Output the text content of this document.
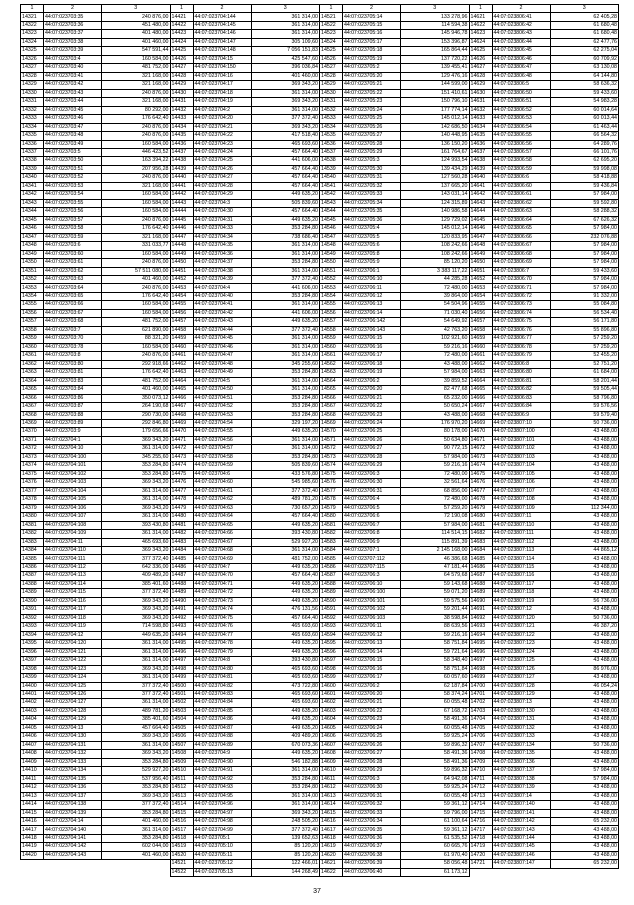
1	2	3
14321	44:07:023703:35	240 876,00
14322	44:07:023703:36	451 480,00
14323	44:07:023703:37	401 480,00
14324	44:07:023703:38	401 460,00
14325	44:07:023703:39	547 591,44
14326	44:07:023703:4	160 584,00
14327	44:07:023703:40	481 752,00
14328	44:07:023703:41	321 168,00
14329	44:07:023703:42	321 168,00
14330	44:07:023703:43	240 876,00
14331	44:07:023703:44	321 168,00
14332	44:07:023703:45	80 292,00
14333	44:07:023703:46	176 642,40
14334	44:07:023703:47	240 876,00
14335	44:07:023703:48	240 876,00
14336	44:07:023703:49	160 584,00
14337	44:07:023703:5	446 423,52
14338	44:07:023703:50	163 394,22
14339	44:07:023703:51	207 956,28
14340	44:07:023703:52	240 876,00
14341	44:07:023703:53	321 168,00
14342	44:07:023703:54	160 584,00
14343	44:07:023703:55	160 584,00
14344	44:07:023703:56	160 584,00
14345	44:07:023703:57	240 876,00
14346	44:07:023703:58	176 642,40
14347	44:07:023703:59	321 168,00
14348	44:07:023703:6	331 033,77
14349	44:07:023703:60	160 584,00
14350	44:07:023703:61	240 876,00
14351	44:07:023703:62	57 511 080,00
14352	44:07:023703:63	401 460,00
14353	44:07:023703:64	240 876,00
14354	44:07:023703:65	176 642,40
14355	44:07:023703:66	160 584,00
14356	44:07:023703:67	160 584,00
14357	44:07:023703:68	481 752,00
14358	44:07:023703:7	621 890,00
14359	44:07:023703:70	88 321,20
14360	44:07:023703:78	160 584,00
14361	44:07:023703:8	240 876,00
14362	44:07:023703:80	292 918,66
14363	44:07:023703:81	176 642,40
14364	44:07:023703:83	481 752,00
14365	44:07:023703:84	401 460,00
14366	44:07:023703:86	350 073,12
14367	44:07:023703:87	264 190,68
14368	44:07:023703:88	290 730,00
14369	44:07:023703:89	292 846,80
14370	44:07:023703:9	179 656,66
14371	44:07:023704:1	369 343,20
14372	44:07:023704:10	361 314,00
14373	44:07:023704:100	345 255,60
14374	44:07:023704:101	353 284,80
14375	44:07:023704:102	353 284,80
14376	44:07:023704:103	369 343,20
14377	44:07:023704:104	361 314,00
14378	44:07:023704:105	361 314,00
14379	44:07:023704:106	369 343,20
14380	44:07:023704:107	361 314,00
14381	44:07:023704:108	393 430,80
14382	44:07:023704:109	361 314,00
14383	44:07:023704:11	465 693,60
14384	44:07:023704:110	369 343,20
14385	44:07:023704:111	377 372,40
14386	44:07:023704:112	642 336,00
14387	44:07:023704:113	409 489,20
14388	44:07:023704:114	385 401,60
14389	44:07:023704:115	377 372,40
14390	44:07:023704:116	369 343,20
14391	44:07:023704:117	369 343,20
14392	44:07:023704:118	369 343,20
14393	44:07:023704:119	714 598,80
14394	44:07:023704:12	449 635,20
14395	44:07:023704:120	361 314,00
14396	44:07:023704:121	361 314,00
14397	44:07:023704:122	361 314,00
14398	44:07:023704:123	369 343,20
14399	44:07:023704:124	361 314,00
14400	44:07:023704:125	377 372,40
14401	44:07:023704:126	377 372,40
14402	44:07:023704:127	361 314,00
14403	44:07:023704:128	489 781,20
14404	44:07:023704:129	385 401,60
14405	44:07:023704:13	457 664,40
14406	44:07:023704:130	369 343,20
14407	44:07:023704:131	361 314,00
14408	44:07:023704:132	369 343,20
14409	44:07:023704:133	353 284,80
14410	44:07:023704:134	529 927,20
14411	44:07:023704:135	537 956,40
14412	44:07:023704:136	353 284,80
14413	44:07:023704:137	369 343,20
14414	44:07:023704:138	377 372,40
14415	44:07:023704:139	353 284,80
14416	44:07:023704:14	401 460,00
14417	44:07:023704:140	361 314,00
14418	44:07:023704:141	353 284,80
14419	44:07:023704:142	602 044,00
14420	44:07:023704:143	401 460,00
1	2	3
14421	44:07:023704:144	361 314,00
14422	44:07:023704:145	361 314,00
14423	44:07:023704:146	361 314,00
14424	44:07:023704:147	305 109,60
14425	44:07:023704:148	7 056 151,83
14426	44:07:023704:15	425 547,60
14427	44:07:023704:150	396 036,84
14428	44:07:023704:16	401 460,00
14429	44:07:023704:17	369 343,20
14430	44:07:023704:18	361 314,00
14431	44:07:023704:19	369 343,20
14432	44:07:023704:2	361 314,00
14433	44:07:023704:20	377 372,40
14434	44:07:023704:21	369 343,20
14435	44:07:023704:22	417 518,40
14436	44:07:023704:23	465 693,60
14437	44:07:023704:24	457 664,40
14438	44:07:023704:25	441 606,00
14439	44:07:023704:26	457 664,40
14440	44:07:023704:27	457 664,40
14441	44:07:023704:28	457 664,40
14442	44:07:023704:29	449 635,20
14443	44:07:023704:3	505 839,60
14444	44:07:023704:30	457 664,40
14445	44:07:023704:31	449 635,20
14446	44:07:023704:33	353 284,80
14447	44:07:023704:34	738 686,40
14448	44:07:023704:35	361 314,00
14449	44:07:023704:36	361 314,00
14450	44:07:023704:37	353 284,80
14451	44:07:023704:38	361 314,00
14452	44:07:023704:39	377 372,40
14453	44:07:023704:4	441 606,00
14454	44:07:023704:40	353 284,80
14455	44:07:023704:41	361 314,00
14456	44:07:023704:42	441 606,00
14457	44:07:023704:43	449 635,20
14458	44:07:023704:44	377 372,40
14459	44:07:023704:45	361 314,00
14460	44:07:023704:46	361 314,00
14461	44:07:023704:47	361 314,00
14462	44:07:023704:48	345 255,60
14463	44:07:023704:49	353 284,80
14464	44:07:023704:5	361 314,00
14465	44:07:023704:50	361 314,00
14466	44:07:023704:51	353 284,80
14467	44:07:023704:52	353 284,80
14468	44:07:023704:53	353 284,80
14469	44:07:023704:54	329 197,20
14470	44:07:023704:55	449 635,20
14471	44:07:023704:56	361 314,00
14472	44:07:023704:57	361 314,00
14473	44:07:023704:58	353 284,80
14474	44:07:023704:59	505 839,60
14475	44:07:023704:6	433 576,80
14476	44:07:023704:60	545 985,60
14477	44:07:023704:61	377 372,40
14478	44:07:023704:62	489 781,20
14479	44:07:023704:63	730 657,20
14480	44:07:023704:64	457 664,40
14481	44:07:023704:65	449 635,20
14482	44:07:023704:66	393 430,80
14483	44:07:023704:67	529 927,20
14484	44:07:023704:68	361 314,00
14485	44:07:023704:69	481 752,00
14486	44:07:023704:7	449 635,20
14487	44:07:023704:70	457 664,40
14488	44:07:023704:71	449 635,20
14489	44:07:023704:72	449 635,20
14490	44:07:023704:73	449 635,20
14491	44:07:023704:74	476 131,56
14492	44:07:023704:75	457 664,40
14493	44:07:023704:76	465 693,60
14494	44:07:023704:77	465 693,60
14495	44:07:023704:78	449 635,20
14496	44:07:023704:79	449 635,20
14497	44:07:023704:8	393 430,80
14498	44:07:023704:80	465 693,60
14499	44:07:023704:81	465 693,60
14500	44:07:023704:82	473 722,80
14501	44:07:023704:83	465 693,60
14502	44:07:023704:84	465 693,60
14503	44:07:023704:85	449 635,20
14504	44:07:023704:86	449 635,20
14505	44:07:023704:87	449 635,20
14506	44:07:023704:88	409 489,20
14507	44:07:023704:89	670 073,36
14508	44:07:023704:9	449 635,20
14509	44:07:023704:90	546 182,88
14510	44:07:023704:91	361 314,00
14511	44:07:023704:92	353 284,80
14512	44:07:023704:93	353 284,80
14513	44:07:023704:95	361 314,00
14514	44:07:023704:96	361 314,00
14515	44:07:023704:97	369 343,20
14516	44:07:023704:98	248 505,20
14517	44:07:023704:99	377 372,40
14518	44:07:023705:1	139 652,63
14519	44:07:023705:10	85 120,20
14520	44:07:023705:11	85 120,20
14521	44:07:023705:12	122 466,01
14522	44:07:023705:13	144 268,49
1	2	3
14521	44:07:023705:14	133 278,96
14522	44:07:023705:15	114 594,38
14523	44:07:023705:16	145 946,78
14524	44:07:023705:17	153 396,87
14525	44:07:023705:18	165 864,44
14526	44:07:023705:19	137 720,22
14527	44:07:023705:2	139 455,41
14528	44:07:023705:20	129 476,16
14529	44:07:023705:21	144 599,00
14530	44:07:023705:22	151 410,61
14531	44:07:023705:23	150 796,10
14532	44:07:023705:24	177 774,14
14533	44:07:023705:25	145 012,14
14534	44:07:023705:26	142 686,50
14535	44:07:023705:27	140 448,95
14536	44:07:023705:28	136 150,20
14537	44:07:023705:29	161 764,67
14538	44:07:023705:3	124 993,54
14539	44:07:023705:30	139 434,29
14540	44:07:023705:31	127 560,28
14541	44:07:023705:32	137 665,20
14542	44:07:023705:33	143 031,14
14543	44:07:023705:34	124 315,89
14544	44:07:023705:35	140 986,58
14545	44:07:023705:36	129 729,02
14546	44:07:023705:4	145 012,14
14547	44:07:023705:5	120 833,95
14548	44:07:023705:6	108 242,66
14549	44:07:023705:8	108 242,66
14550	44:07:023705:9	85 120,20
14551	44:07:023706:1	3 383 117,22
14552	44:07:023706:10	44 285,28
14553	44:07:023706:11	72 480,00
14554	44:07:023706:12	39 864,00
14555	44:07:023706:13	54 504,96
14556	44:07:023706:14	71 030,40
14557	44:07:023706:142	54 649,92
14558	44:07:023706:143	42 763,20
14559	44:07:023706:15	102 921,60
14560	44:07:023706:16	59 216,16
14561	44:07:023706:17	72 480,00
14562	44:07:023706:18	43 488,00
14563	44:07:023706:19	57 984,00
14564	44:07:023706:2	39 859,52
14565	44:07:023706:20	82 477,68
14566	44:07:023706:21	65 232,00
14567	44:07:023706:22	50 650,24
14568	44:07:023706:23	43 488,00
14569	44:07:023706:24	176 970,20
14570	44:07:023706:25	80 178,00
14571	44:07:023706:26	50 634,80
14572	44:07:023706:27	90 772,15
14573	44:07:023706:28	57 984,00
14574	44:07:023706:29	59 216,16
14575	44:07:023706:3	72 480,00
14576	44:07:023706:30	32 561,64
14577	44:07:023706:31	68 856,00
14578	44:07:023706:4	72 480,00
14579	44:07:023706:5	57 259,20
14580	44:07:023706:6	72 190,08
14581	44:07:023706:7	57 984,00
14582	44:07:023706:8	114 514,15
14583	44:07:023706:9	115 891,39
14584	44:07:023707:1	2 145 168,00
14585	44:07:023707:112	46 386,68
14586	44:07:023707:115	47 181,44
14587	44:07:023706:3	64 579,68
14588	44:07:023706:10	59 143,68
14589	44:07:023706:100	59 071,20
14590	44:07:023706:101	59 575,56
14591	44:07:023706:102	59 201,44
14592	44:07:023706:103	38 598,84
14593	44:07:023706:11	88 639,56
14594	44:07:023706:12	59 216,16
14595	44:07:023706:13	58 751,84
14596	44:07:023706:14	59 721,64
14597	44:07:023706:15	58 348,40
14598	44:07:023706:16	58 751,84
14599	44:07:023706:17	60 057,60
14600	44:07:023706:2	62 187,84
14601	44:07:023706:20	58 374,24
14602	44:07:023706:21	60 055,48
14603	44:07:023706:22	67 168,72
14604	44:07:023706:23	58 491,36
14605	44:07:023706:24	60 055,48
14606	44:07:023706:25	59 925,24
14607	44:07:023706:26	59 896,32
14608	44:07:023706:27	58 491,36
14609	44:07:023706:28	58 491,36
14610	44:07:023706:29	59 896,32
14611	44:07:023706:3	64 942,08
14612	44:07:023706:30	59 925,24
14613	44:07:023706:31	60 055,48
14614	44:07:023706:32	59 361,12
14615	44:07:023706:33	59 796,00
14616	44:07:023706:34	61 100,64
14617	44:07:023706:35	59 361,12
14618	44:07:023706:36	61 535,52
14619	44:07:023706:37	60 665,76
14620	44:07:023706:38	61 970,40
14621	44:07:023706:39	58 056,48
14622	44:07:023706:40	61 173,12
1	2	3
14621	44:07:023806:41	62 405,28
14622	44:07:023806:42	61 680,48
14623	44:07:023806:43	61 680,48
14624	44:07:023806:44	62 477,76
14625	44:07:023806:45	62 275,04
14626	44:07:023806:46	60 709,92
14627	44:07:023806:47	63 130,08
14628	44:07:023806:48	64 144,80
14629	44:07:023806:5	58 636,32
14630	44:07:023806:50	59 433,60
14631	44:07:023806:51	54 983,28
14632	44:07:023806:52	60 014,64
14633	44:07:023806:53	60 013,44
14634	44:07:023806:54	61 463,44
14635	44:07:023806:55	66 564,32
14636	44:07:023806:56	64 289,76
14637	44:07:023806:57	66 101,76
14638	44:07:023806:58	62 695,20
14639	44:07:023806:59	59 998,08
14640	44:07:023806:6	58 418,88
14641	44:07:023806:60	59 436,84
14642	44:07:023806:61	57 984,00
14643	44:07:023806:62	59 592,80
14644	44:07:023806:63	58 288,32
14645	44:07:023806:64	67 626,32
14646	44:07:023806:65	57 984,00
14647	44:07:023806:66	232 076,88
14648	44:07:023806:67	57 984,00
14649	44:07:023806:68	57 984,00
14650	44:07:023806:69	57 984,00
14651	44:07:023806:7	59 433,60
14652	44:07:023806:70	57 984,00
14653	44:07:023806:71	57 984,00
14654	44:07:023806:72	91 332,00
14655	44:07:023806:73	55 084,80
14656	44:07:023806:74	56 534,40
14657	44:07:023806:75	56 171,80
14658	44:07:023806:76	55 896,80
14659	44:07:023806:77	57 259,20
14660	44:07:023806:78	57 259,20
14661	44:07:023806:79	52 455,20
14662	44:07:023806:8	52 751,20
14663	44:07:023806:80	61 684,00
14664	44:07:023806:81	58 201,44
14665	44:07:023806:82	59 505,44
14666	44:07:023806:83	58 796,80
14667	44:07:023806:84	59 576,56
14668	44:07:023806:9	59 579,40
14669	44:07:023807:10	50 736,00
14670	44:07:023807:100	43 488,00
14671	44:07:023807:101	43 488,00
14672	44:07:023807:102	43 488,00
14673	44:07:023807:103	43 488,00
14674	44:07:023807:104	43 488,00
14675	44:07:023807:105	43 488,00
14676	44:07:023807:106	43 488,00
14677	44:07:023807:107	43 488,00
14678	44:07:023807:108	43 488,00
14679	44:07:023807:109	112 344,00
14680	44:07:023807:11	43 488,00
14681	44:07:023807:110	43 488,00
14682	44:07:023807:111	43 488,00
14683	44:07:023807:112	43 488,00
14684	44:07:023807:113	44 865,12
14685	44:07:023807:114	43 488,00
14686	44:07:023807:115	43 488,00
14687	44:07:023807:116	43 488,00
14688	44:07:023807:117	43 488,00
14689	44:07:023807:118	43 488,00
14690	44:07:023807:119	56 736,00
14691	44:07:023807:12	43 488,00
14692	44:07:023807:120	50 736,00
14693	44:07:023807:121	46 387,20
14694	44:07:023807:122	43 488,00
14695	44:07:023807:123	43 488,00
14696	44:07:023807:124	43 488,00
14697	44:07:023807:125	43 488,00
14698	44:07:023807:126	86 976,00
14699	44:07:023807:127	43 488,00
14700	44:07:023807:128	46 054,24
14701	44:07:023807:129	43 488,00
14702	44:07:023807:13	43 488,00
14703	44:07:023807:130	43 488,00
14704	44:07:023807:131	43 488,00
14705	44:07:023807:132	43 488,00
14706	44:07:023807:133	43 488,00
14707	44:07:023807:134	50 736,00
14708	44:07:023807:135	43 488,00
14709	44:07:023807:136	43 488,00
14710	44:07:023807:137	57 984,00
14711	44:07:023807:138	57 984,00
14712	44:07:023807:139	43 488,00
14713	44:07:023807:14	43 488,00
14714	44:07:023807:140	43 488,00
14715	44:07:023807:141	43 488,00
14716	44:07:023807:142	65 232,00
14717	44:07:023807:143	43 488,00
14718	44:07:023807:144	43 488,00
14719	44:07:023807:145	43 488,00
14720	44:07:023807:146	43 488,00
14721	44:07:023807:147	65 232,00
37
